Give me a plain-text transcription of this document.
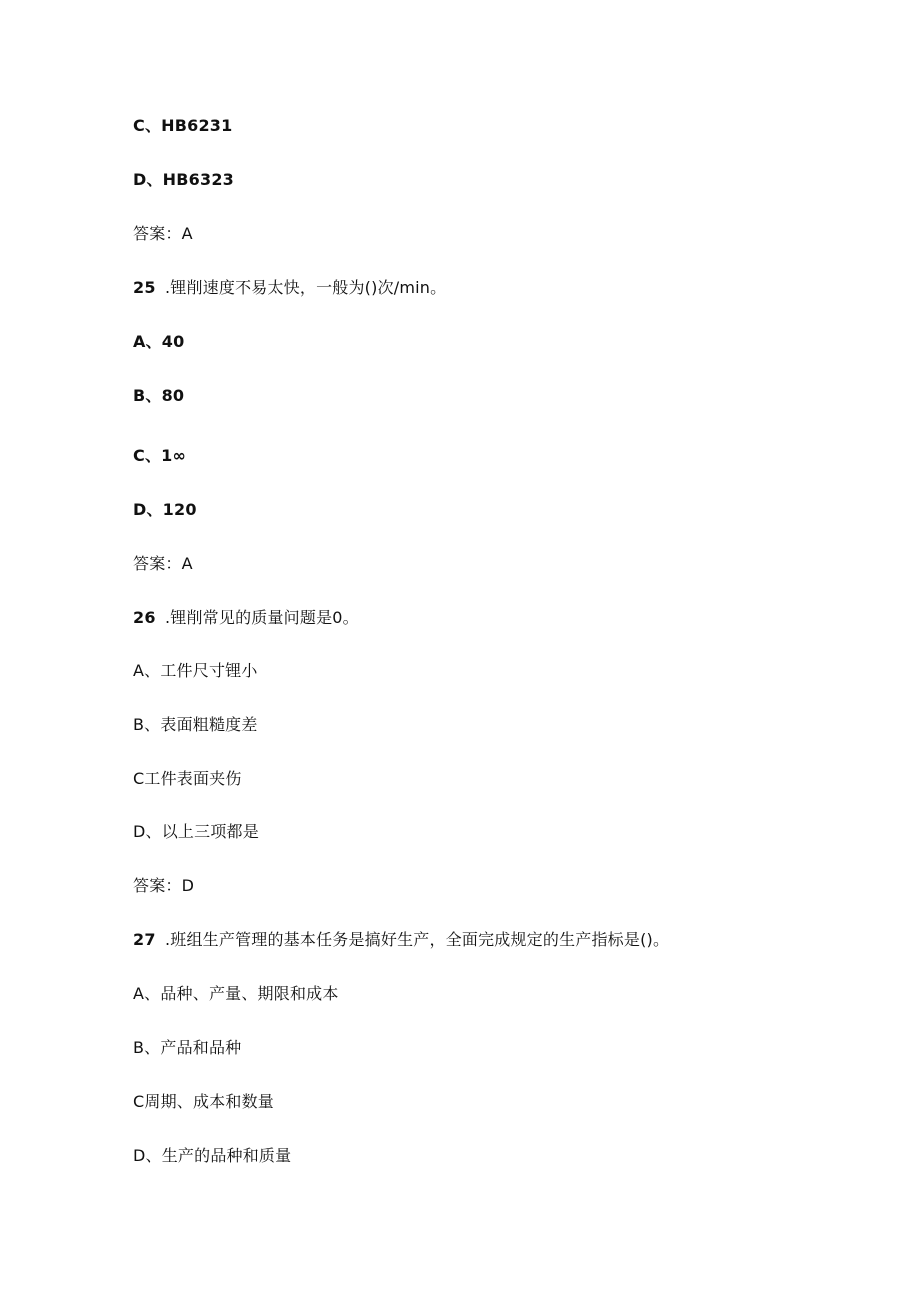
C、HB6231
D、HB6323
答案：A
25 .锂削速度不易太快，一般为()次/min。
A、40
B、80
C、1∞
D、120
答案：A
26 .锂削常见的质量问题是0。
A、工件尺寸锂小
B、表面粗糙度差
C工件表面夹伤
D、以上三项都是
答案：D
27 .班组生产管理的基本任务是搞好生产，全面完成规定的生产指标是()。
A、品种、产量、期限和成本
B、产品和品种
C周期、成本和数量
D、生产的品种和质量
